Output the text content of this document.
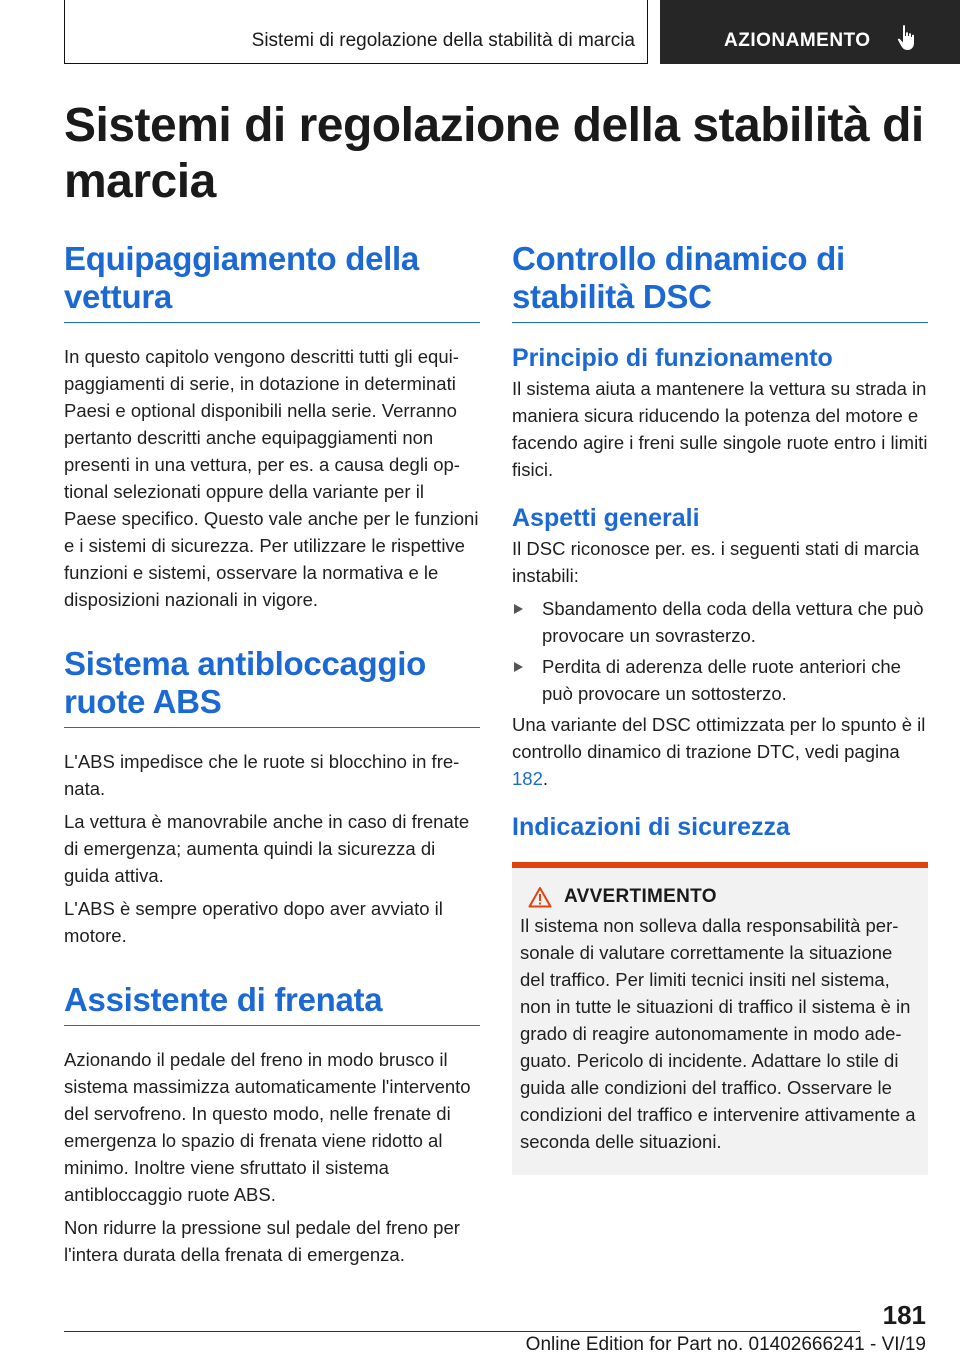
Sistemi di regolazione della stabilità di marcia	AZIONAMENTO
Sistemi di regolazione della stabilità di marcia
Equipaggiamento della vettura

In questo capitolo vengono descritti tutti gli equipaggiamenti di serie, in dotazione in determinati Paesi e optional disponibili nella serie. Verranno pertanto descritti anche equipaggiamenti non presenti in una vettura, per es. a causa degli optional selezionati oppure della variante per il Paese specifico. Questo vale anche per le funzioni e i sistemi di sicurezza. Per utilizzare le rispettive funzioni e sistemi, osservare la normativa e le disposizioni nazionali in vigore.

Sistema antibloccaggio ruote ABS

L'ABS impedisce che le ruote si blocchino in frenata.

La vettura è manovrabile anche in caso di frenate di emergenza; aumenta quindi la sicurezza di guida attiva.

L'ABS è sempre operativo dopo aver avviato il motore.

Assistente di frenata

Azionando il pedale del freno in modo brusco il sistema massimizza automaticamente l'intervento del servofreno. In questo modo, nelle frenate di emergenza lo spazio di frenata viene ridotto al minimo. Inoltre viene sfruttato il sistema antibloccaggio ruote ABS.

Non ridurre la pressione sul pedale del freno per l'intera durata della frenata di emergenza.

Controllo dinamico di stabilità DSC
Principio di funzionamento

Il sistema aiuta a mantenere la vettura su strada in maniera sicura riducendo la potenza del motore e facendo agire i freni sulle singole ruote entro i limiti fisici.

Aspetti generali

Il DSC riconosce per. es. i seguenti stati di marcia instabili:

Sbandamento della coda della vettura che può provocare un sovrasterzo.
Perdita di aderenza delle ruote anteriori che può provocare un sottosterzo.

Una variante del DSC ottimizzata per lo spunto è il controllo dinamico di trazione DTC, vedi pagina 182.

Indicazioni di sicurezza
AVVERTIMENTO

Il sistema non solleva dalla responsabilità personale di valutare correttamente la situazione del traffico. Per limiti tecnici insiti nel sistema, non in tutte le situazioni di traffico il sistema è in grado di reagire autonomamente in modo adeguato. Pericolo di incidente. Adattare lo stile di guida alle condizioni del traffico. Osservare le condizioni del traffico e intervenire attivamente a seconda delle situazioni.

181
Online Edition for Part no. 01402666241 - VI/19
